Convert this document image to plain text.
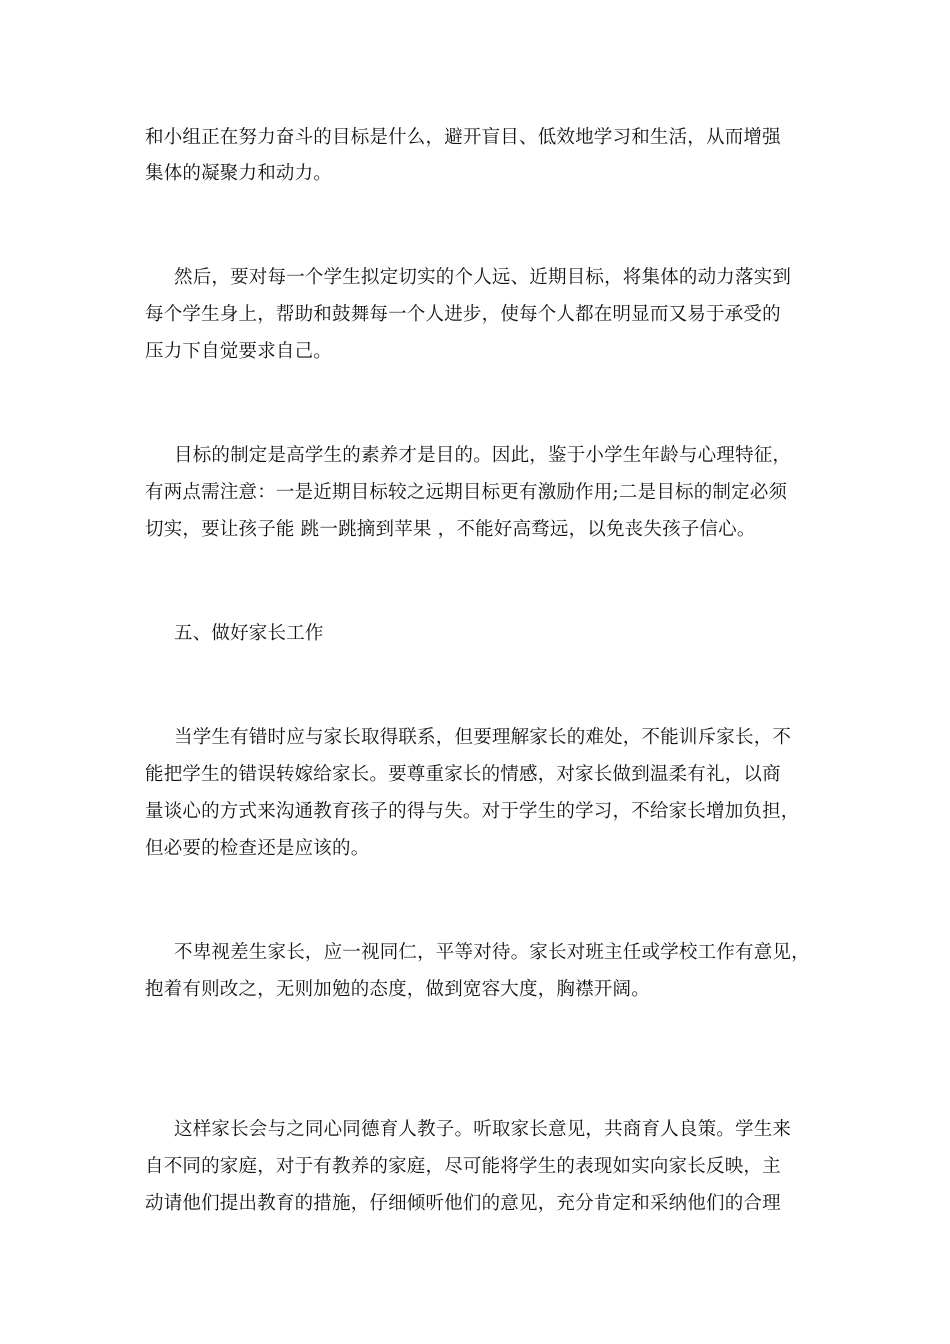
和小组正在努力奋斗的目标是什么，避开盲目、低效地学习和生活，从而增强
集体的凝聚力和动力。
然后，要对每一个学生拟定切实的个人远、近期目标，将集体的动力落实到
每个学生身上，帮助和鼓舞每一个人进步，使每个人都在明显而又易于承受的
压力下自觉要求自己。
目标的制定是高学生的素养才是目的。因此，鉴于小学生年龄与心理特征，
有两点需注意：一是近期目标较之远期目标更有激励作用;二是目标的制定必须
切实，要让孩子能 跳一跳摘到苹果 ，不能好高骛远，以免丧失孩子信心。
五、做好家长工作
当学生有错时应与家长取得联系，但要理解家长的难处，不能训斥家长，不
能把学生的错误转嫁给家长。要尊重家长的情感，对家长做到温柔有礼，以商
量谈心的方式来沟通教育孩子的得与失。对于学生的学习，不给家长增加负担，
但必要的检查还是应该的。
不卑视差生家长，应一视同仁，平等对待。家长对班主任或学校工作有意见，
抱着有则改之，无则加勉的态度，做到宽容大度，胸襟开阔。
这样家长会与之同心同德育人教子。听取家长意见，共商育人良策。学生来
自不同的家庭，对于有教养的家庭，尽可能将学生的表现如实向家长反映，主
动请他们提出教育的措施，仔细倾听他们的意见，充分肯定和采纳他们的合理
